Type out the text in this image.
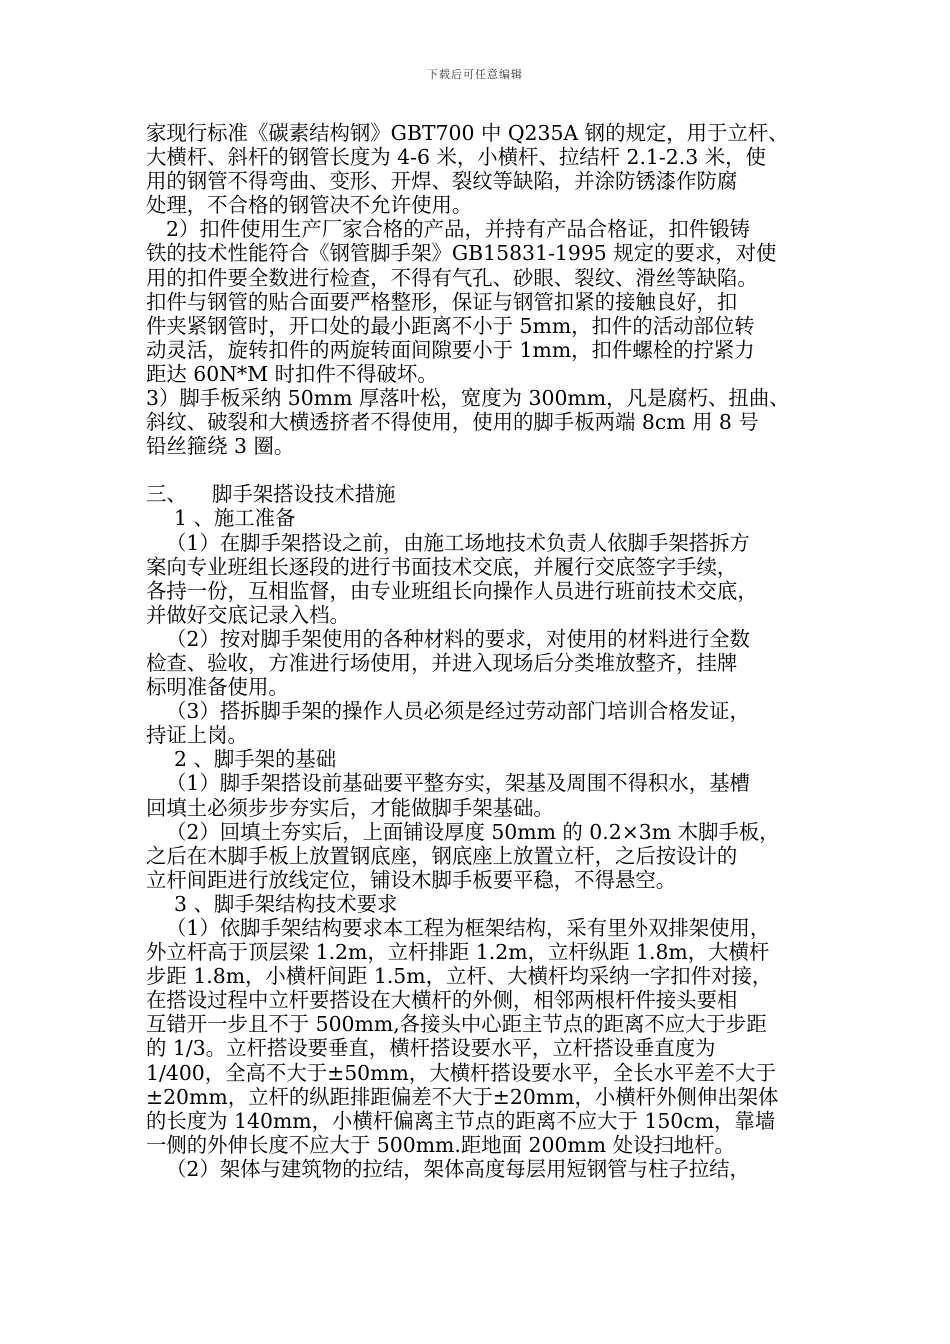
下载后可任意编辑
家现行标准《碳素结构钢》GBT700 中 Q235A 钢的规定，用于立杆、
大横杆、斜杆的钢管长度为 4-6 米，小横杆、拉结杆 2.1-2.3 米，使
用的钢管不得弯曲、变形、开焊、裂纹等缺陷，并涂防锈漆作防腐
处理，不合格的钢管决不允许使用。
2）扣件使用生产厂家合格的产品，并持有产品合格证，扣件锻铸
铁的技术性能符合《钢管脚手架》GB15831-1995 规定的要求，对使
用的扣件要全数进行检查，不得有气孔、砂眼、裂纹、滑丝等缺陷。
扣件与钢管的贴合面要严格整形，保证与钢管扣紧的接触良好，扣
件夹紧钢管时，开口处的最小距离不小于 5mm，扣件的活动部位转
动灵活，旋转扣件的两旋转面间隙要小于 1mm，扣件螺栓的拧紧力
距达 60N*M 时扣件不得破坏。
3）脚手板采纳 50mm 厚落叶松，宽度为 300mm，凡是腐朽、扭曲、
斜纹、破裂和大横透挤者不得使用，使用的脚手板两端 8cm 用 8 号
铅丝箍绕 3 圈。
三、 脚手架搭设技术措施
1 、施工准备
（1）在脚手架搭设之前，由施工场地技术负责人依脚手架搭拆方
案向专业班组长逐段的进行书面技术交底，并履行交底签字手续，
各持一份，互相监督，由专业班组长向操作人员进行班前技术交底，
并做好交底记录入档。
（2）按对脚手架使用的各种材料的要求，对使用的材料进行全数
检查、验收，方准进行场使用，并进入现场后分类堆放整齐，挂牌
标明准备使用。
（3）搭拆脚手架的操作人员必须是经过劳动部门培训合格发证，
持证上岗。
2 、脚手架的基础
（1）脚手架搭设前基础要平整夯实，架基及周围不得积水，基槽
回填土必须步步夯实后，才能做脚手架基础。
（2）回填土夯实后，上面铺设厚度 50mm 的 0.2×3m 木脚手板，
之后在木脚手板上放置钢底座，钢底座上放置立杆，之后按设计的
立杆间距进行放线定位，铺设木脚手板要平稳，不得悬空。
3 、脚手架结构技术要求
（1）依脚手架结构要求本工程为框架结构，采有里外双排架使用，
外立杆高于顶层梁 1.2m，立杆排距 1.2m，立杆纵距 1.8m，大横杆
步距 1.8m，小横杆间距 1.5m，立杆、大横杆均采纳一字扣件对接，
在搭设过程中立杆要搭设在大横杆的外侧，相邻两根杆件接头要相
互错开一步且不于 500mm,各接头中心距主节点的距离不应大于步距
的 1/3。立杆搭设要垂直，横杆搭设要水平，立杆搭设垂直度为
1/400，全高不大于±50mm，大横杆搭设要水平，全长水平差不大于
±20mm，立杆的纵距排距偏差不大于±20mm，小横杆外侧伸出架体
的长度为 140mm，小横杆偏离主节点的距离不应大于 150cm，靠墙
一侧的外伸长度不应大于 500mm.距地面 200mm 处设扫地杆。
（2）架体与建筑物的拉结，架体高度每层用短钢管与柱子拉结，
